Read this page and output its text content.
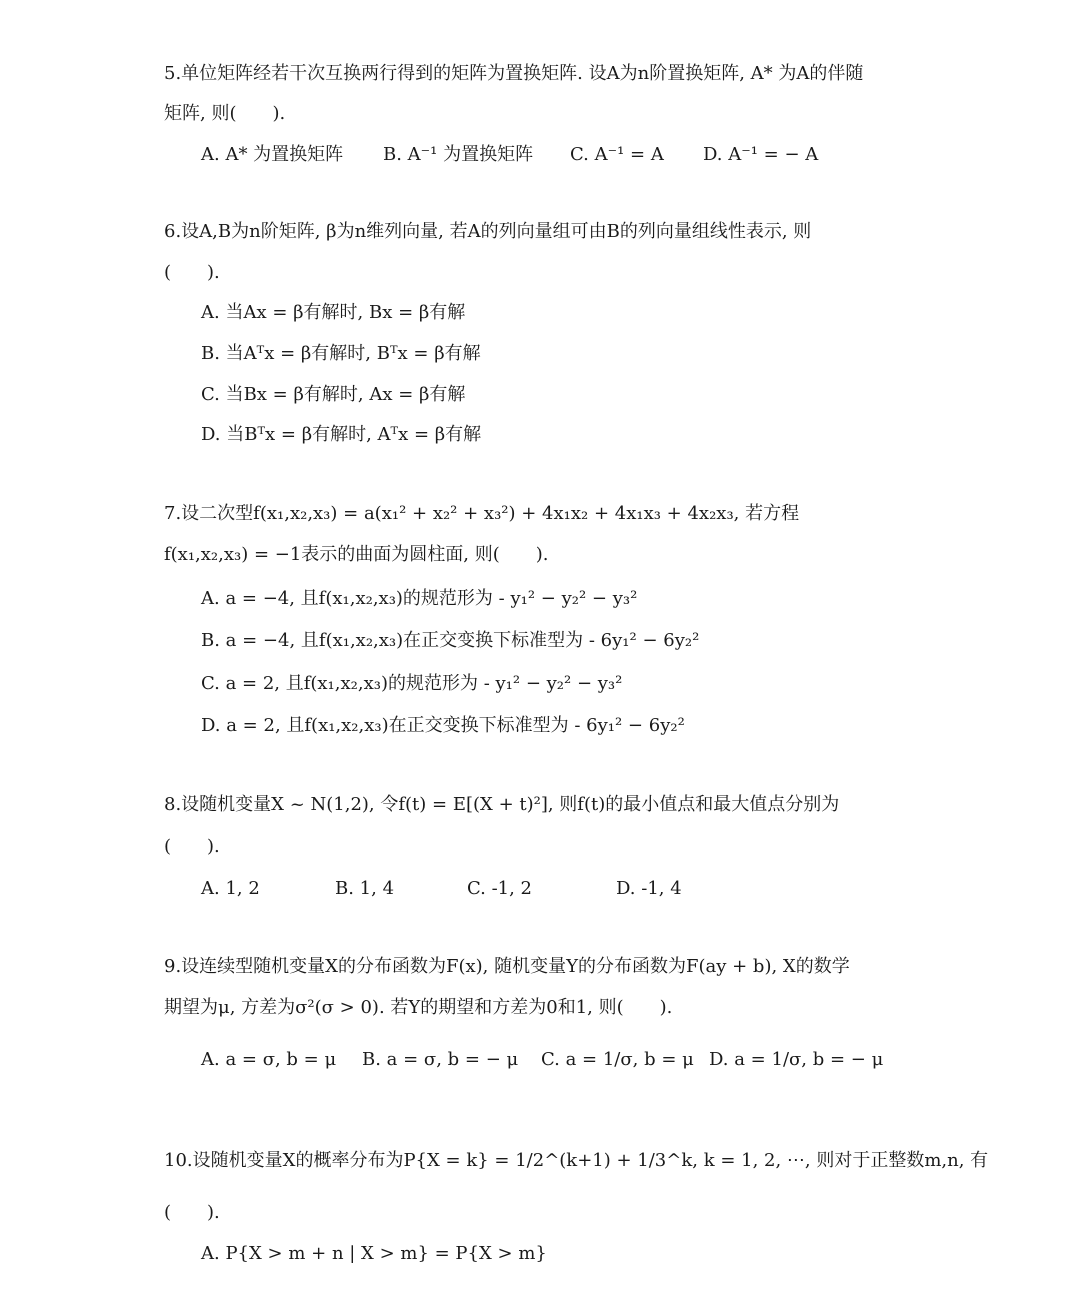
5.单位矩阵经若干次互换两行得到的矩阵为置换矩阵. 设A为n阶置换矩阵, A* 为A的伴随
矩阵, 则(　　).
A. A* 为置换矩阵 B. A⁻¹ 为置换矩阵 C. A⁻¹ = A D. A⁻¹ = − A
6.设A,B为n阶矩阵, β为n维列向量, 若A的列向量组可由B的列向量组线性表示, 则
(　　).
A. 当Ax = β有解时, Bx = β有解
B. 当Aᵀx = β有解时, Bᵀx = β有解
C. 当Bx = β有解时, Ax = β有解
D. 当Bᵀx = β有解时, Aᵀx = β有解
7.设二次型f(x₁,x₂,x₃) = a(x₁² + x₂² + x₃²) + 4x₁x₂ + 4x₁x₃ + 4x₂x₃, 若方程
f(x₁,x₂,x₃) = −1表示的曲面为圆柱面, 则(　　).
A. a = −4, 且f(x₁,x₂,x₃)的规范形为 - y₁² − y₂² − y₃²
B. a = −4, 且f(x₁,x₂,x₃)在正交变换下标准型为 - 6y₁² − 6y₂²
C. a = 2, 且f(x₁,x₂,x₃)的规范形为 - y₁² − y₂² − y₃²
D. a = 2, 且f(x₁,x₂,x₃)在正交变换下标准型为 - 6y₁² − 6y₂²
8.设随机变量X ~ N(1,2), 令f(t) = E[(X + t)²], 则f(t)的最小值点和最大值点分别为
(　　).
A. 1, 2	B. 1, 4	C. -1, 2	D. -1, 4
9.设连续型随机变量X的分布函数为F(x), 随机变量Y的分布函数为F(ay + b), X的数学
期望为μ, 方差为σ²(σ > 0). 若Y的期望和方差为0和1, 则(　　).
A. a = σ, b = μ B. a = σ, b = − μ C. a = 1/σ, b = μ D. a = 1/σ, b = − μ
10.设随机变量X的概率分布为P{X = k} = 1/2^(k+1) + 1/3^k, k = 1, 2, ⋯, 则对于正整数m,n, 有
(　　).
A. P{X > m + n | X > m} = P{X > m}
